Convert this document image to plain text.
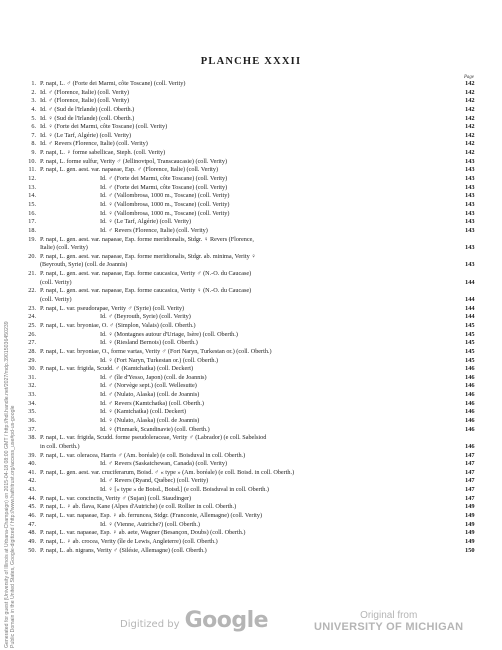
Generated for guest (University of Illinois at Urbana-Champaign) on 2015-04-18 08:00 GMT / http://hdl.handle.net/2027/mdp.39015036450239 Public Domain in the United States, Google-digitized / http://www.hathitrust.org/access_use#pd-us-google
PLANCHE XXXII
Page
1. P. napi, L. ♂ (Forte dei Marmi, côte Toscane) (coll. Verity)	142
2. Id. ♂ (Florence, Italie) (coll. Verity)	142
3. Id. ♂ (Florence, Italie) (coll. Verity)	142
4. Id. ♂ (Sud de l'Irlande) (coll. Oberth.)	142
5. Id. ♀ (Sud de l'Irlande) (coll. Oberth.)	142
6. Id. ♀ (Forte dei Marmi, côte Toscane) (coll. Verity)	142
7. Id. ♀ (Le Tarf, Algérie) (coll. Verity)	142
8. Id. ♂ Revers (Florence, Italie) (coll. Verity)	142
9. P. napi, L. ♀ forme sabellicae, Steph. (coll. Verity)	142
10. P. napi, L. forme sulfur, Verity ♂ (Jellinovtpol, Transcaucasie) (coll. Verity)	143
11. P. napi, L. gen. aest. var. napaeae, Esp. ♂ (Florence, Italie) (coll. Verity)	143
12.	Id. ♂ (Forte dei Marmi, côte Toscane) (coll. Verity)	143
13.	Id. ♂ (Forte dei Marmi, côte Toscane) (coll. Verity)	143
14.	Id. ♂ (Vallombrosa, 1000 m., Toscane) (coll. Verity)	143
15.	Id. ♀ (Vallombrosa, 1000 m., Toscane) (coll. Verity)	143
16.	Id. ♀ (Vallombrosa, 1000 m., Toscane) (coll. Verity)	143
17.	Id. ♀ (Le Tarf, Algérie) (coll. Verity)	143
18.	Id. ♂ Revers (Florence, Italie) (coll. Verity)	143
19. P. napi, L. gen. aest. var. napaeae, Esp. forme meridionalis, Stdgr. ♀ Revers (Florence,
Italie) (coll. Verity)	143
20. P. napi, L. gen. aest. var. napaeae, Esp. forme meridionalis, Stdgr. ab. minima, Verity ♀
(Beyrouth, Syrie) (coll. de Joannis)	143
21. P. napi, L. gen. aest. var. napaeae, Esp. forme caucasica, Verity ♂ (N.-O. du Caucase)
(coll. Verity)	144
22. P. napi, L. gen. aest. var. napaeae, Esp. forme caucasica, Verity ♀ (N.-O. du Caucase)
(coll. Verity)	144
23. P. napi, L. var. pseudorapae, Verity ♂ (Syrie) (coll. Verity)	144
24.	Id. ♂ (Beyrouth, Syrie) (coll. Verity)	144
25. P. napi, L. var. bryoniae, O. ♂ (Simplon, Valais) (coll. Oberth.)	145
26.	Id. ♀ (Montagnes autour d'Uriage, Isère) (coll. Oberth.)	145
27.	Id. ♀ (Riesland Bernois) (coll. Oberth.)	145
28. P. napi, L. var. bryoniae, O., forme vartas, Verity ♂ (Fort Naryn, Turkestan or.) (coll. Oberth.)	145
29.	Id. ♀ (Fort Naryn, Turkestan or.) (coll. Oberth.)	145
30. P. napi, L. var. frigida, Scudd. ♂ (Kamtchatka) (coll. Deckert)	146
31.	Id. ♂ (île d'Yesso, Japon) (coll. de Joannis)	146
32.	Id. ♂ (Norvège sept.) (coll. Wellesutte)	146
33.	Id. ♂ (Nulato, Alaska) (coll. de Joannis)	146
34.	Id. ♂ Revers (Kamtchatka) (coll. Oberth.)	146
35.	Id. ♀ (Kamtchatka) (coll. Deckert)	146
36.	Id. ♀ (Nulato, Alaska) (coll. de Joannis)	146
37.	Id. ♀ (Finmark, Scandinavie) (coll. Oberth.)	146
38. P. napi, L. var. frigida, Scudd. forme pseudoleraceae, Verity ♂ (Labrador) (e coll. Sabelsiod
in coll. Oberth.)	146
39. P. napi, L. var. oleracea, Harris ♂ (Am. boréale) (e coll. Boisduval in coll. Oberth.)	147
40.	Id. ♂ Revers (Saskatchewan, Canada) (coll. Verity)	147
41. P. napi, L. gen. aest. var. cruciferarum, Boisd. ♂ « type » (Am. boréale) (e coll. Boisd. in coll. Oberth.)	147
42.	Id. ♂ Revers (Ryand, Québec) (coll. Verity)	147
43.	Id. ♀ [« type » de Boisd., Boisd.] (e coll. Boisduval in coll. Oberth.)	147
44. P. napi, L. var. concinctis, Verity ♂ (Sujan) (coll. Staudinger)	147
45. P. napi, L. ♀ ab. flava, Kane (Alpes d'Autriche) (e coll. Rollier in coll. Oberth.)	149
46. P. napi, L. var. napaeae, Esp. ♀ ab. ferruncea, Stdgr. (Franconie, Allemagne) (coll. Verity)	149
47.	Id. ♀ (Vienne, Autriche?) (coll. Oberth.)	149
48. P. napi, L. var. napaeae, Esp. ♀ ab. aete, Wagner (Besançon, Doubs) (coll. Oberth.)	149
49. P. napi, L. ♀ ab. crocea, Verity (île de Lewis, Angleterre) (coll. Oberth.)	149
50. P. napi, L. ab. nigrans, Verity ♂ (Silésie, Allemagne) (coll. Oberth.)	150
Digitized by Google	Original from
UNIVERSITY OF MICHIGAN
